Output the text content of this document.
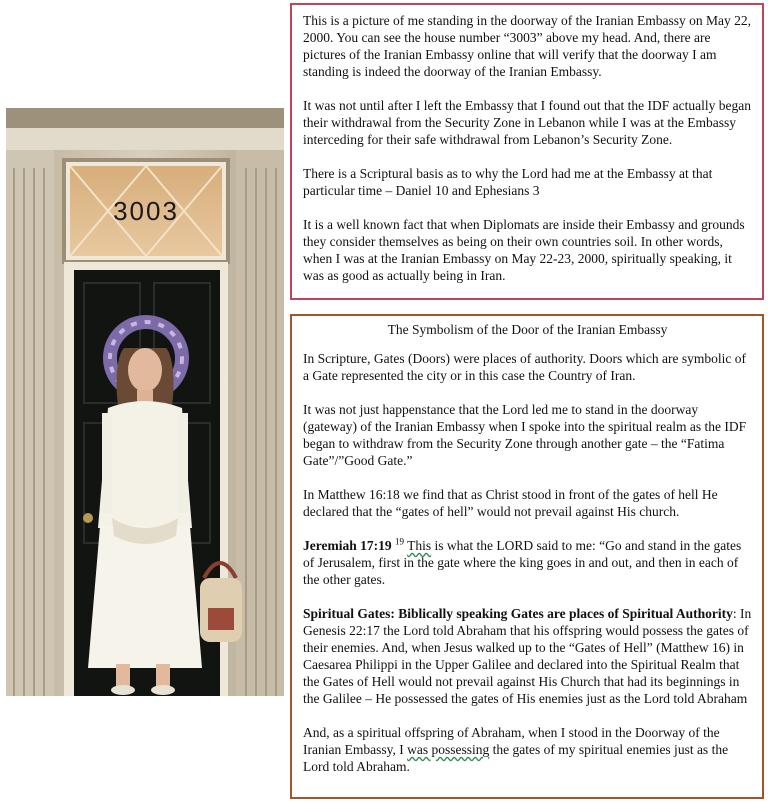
3003

This is a picture of me standing in the doorway of the Iranian Embassy on May 22, 2000. You can see the house number “3003” above my head. And, there are pictures of the Iranian Embassy online that will verify that the doorway I am standing is indeed the doorway of the Iranian Embassy.

It was not until after I left the Embassy that I found out that the IDF actually began their withdrawal from the Security Zone in Lebanon while I was at the Embassy interceding for their safe withdrawal from Lebanon’s Security Zone.

There is a Scriptural basis as to why the Lord had me at the Embassy at that particular time – Daniel 10 and Ephesians 3

It is a well known fact that when Diplomats are inside their Embassy and grounds they consider themselves as being on their own countries soil. In other words, when I was at the Iranian Embassy on May 22-23, 2000, spiritually speaking, it was as good as actually being in Iran.

The Symbolism of the Door of the Iranian Embassy

In Scripture, Gates (Doors) were places of authority. Doors which are symbolic of a Gate represented the city or in this case the Country of Iran.

It was not just happenstance that the Lord led me to stand in the doorway (gateway) of the Iranian Embassy when I spoke into the spiritual realm as the IDF began to withdraw from the Security Zone through another gate – the “Fatima Gate”/”Good Gate.”

In Matthew 16:18 we find that as Christ stood in front of the gates of hell He declared that the “gates of hell” would not prevail against His church.

Jeremiah 17:19 $^{19}$ This is what the LORD said to me: “Go and stand in the gates of Jerusalem, first in the gate where the king goes in and out, and then in each of the other gates.

Spiritual Gates: Biblically speaking Gates are places of Spiritual Authority: In Genesis 22:17 the Lord told Abraham that his offspring would possess the gates of their enemies. And, when Jesus walked up to the “Gates of Hell” (Matthew 16) in Caesarea Philippi in the Upper Galilee and declared into the Spiritual Realm that the Gates of Hell would not prevail against His Church that had its beginnings in the Galilee – He possessed the gates of His enemies just as the Lord told Abraham

And, as a spiritual offspring of Abraham, when I stood in the Doorway of the Iranian Embassy, I was possessing the gates of my spiritual enemies just as the Lord told Abraham.
